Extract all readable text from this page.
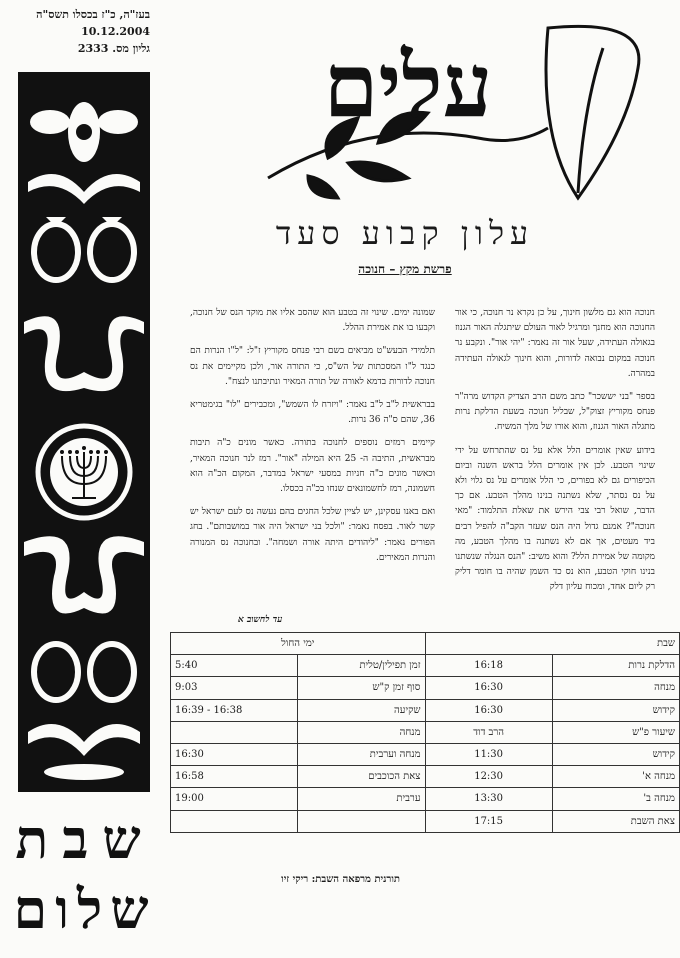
בעז"ה, כ"ז בכסלו תשס"ה
10.12.2004
גליון מס. 2333
שבת
שלום
עלים
עלון קבוע סעד
פרשת מקץ – חנוכה

חנוכה הוא גם מלשון חינוך, על כן נקרא נר חנוכה, כי אור החנוכה הוא מחנך ומרגיל לאור העולם שיתגלה האור הגנוז בגאולה העתידה, שעל אור זה נאמר: "יהי אור". ונקבע נר חנוכה במקום נבואה לדורות, והוא חינוך לגאולה העתידה במהרה.

בספר "בני יששכר" כתב משם הרב הצדיק הקדוש מרה"ר פנחס מקוריץ זצוק"ל, שבליל חנוכה בשעת הדלקת נרות מתגלה האור הגנוז, והוא אורו של מלך המשיח.

בידוע שאין אומרים הלל אלא על נס שהתרחש על ידי שינוי הטבע. לכן אין אומרים הלל בראש השנה וביום הכיפורים גם לא בפורים, כי הלל אומרים על נס גלוי ולא על נס נסתר, שלא נשתנה בנינו מהלך הטבע. אם כך הדבר, שואל רבי צבי הירש את שאלת התלמוד: "מאי חנוכה"? אמנם גדול היה הנס שעזר הקב"ה להפיל רבים ביד מעטים, אך אם לא נשתנה בו מהלך הטבע, מה מקומה של אמירת הלל? והוא משיב: "הנס הנגלה שנשתנו בנינו חוקי הטבע, הוא נס כד השמן שהיה בו חומר דליק רק ליום אחד, ומכוח עליון דלק

שמונה ימים. שינוי זה בטבע הוא שהסב אליו את מוקד הנס של חנוכה, וקבעו בו את אמירת ההלל.

תלמידי הבעש"ט מביאים בשם רבי פנחס מקוריץ ז"ל: "ל"ו הנרות הם כנגד ל"ו המסכתות של הש"ס, כי התורה אור, ולכן מקיימים את נס חנוכה לדורות בדמא לאורה של תורה המאיר ונתיבתנו לנצח".

בבראשית ל"ב ל"ב נאמר: "ויזרח לו השמש", ומכבירים "לו" בגימטריא 36, שהם ס"ה 36 נרות.

קיימים רמזים נוספים לחנוכה בתורה. כאשר מונים כ"ה תיבות מבראשית, התיבה ה- 25 היא המילה "אור". רמז לנר חנוכה המאיר, וכאשר מונים כ"ה חניות במסעי ישראל במדבר, המקום הכ"ה הוא חשמונה, רמז לחשמונאים שנחו בכ"ה בכסלו.

ואם באנו עסקינן, יש לציין שלכל החגים בהם נעשה נס לעם ישראל יש קשר לאור. בפסח נאמר: "ולכל בני ישראל היה אור במושבותם". בחג הפורים נאמר: "ליהודים היתה אורה ושמחה". ובחנוכה נס המנורה והנרות המאירים.

עד לחשוב א
שבת		ימי החול	
הדלקת נרות	16:18	זמן תפילין/טלית	5:40
מנחה	16:30	סוף זמן ק"ש	9:03
קידוש	16:30	שקיעה	16:39 - 16:38
שיעור פ"ש	הרב דוד	מנחה	
קידוש	11:30	מנחה וערבית	16:30
מנחה א'	12:30	צאת הכוכבים	16:58
מנחה ב'	13:30	ערבית	19:00
צאת השבת	17:15		
תורנית מרפאה השבת: ריקי זיו
